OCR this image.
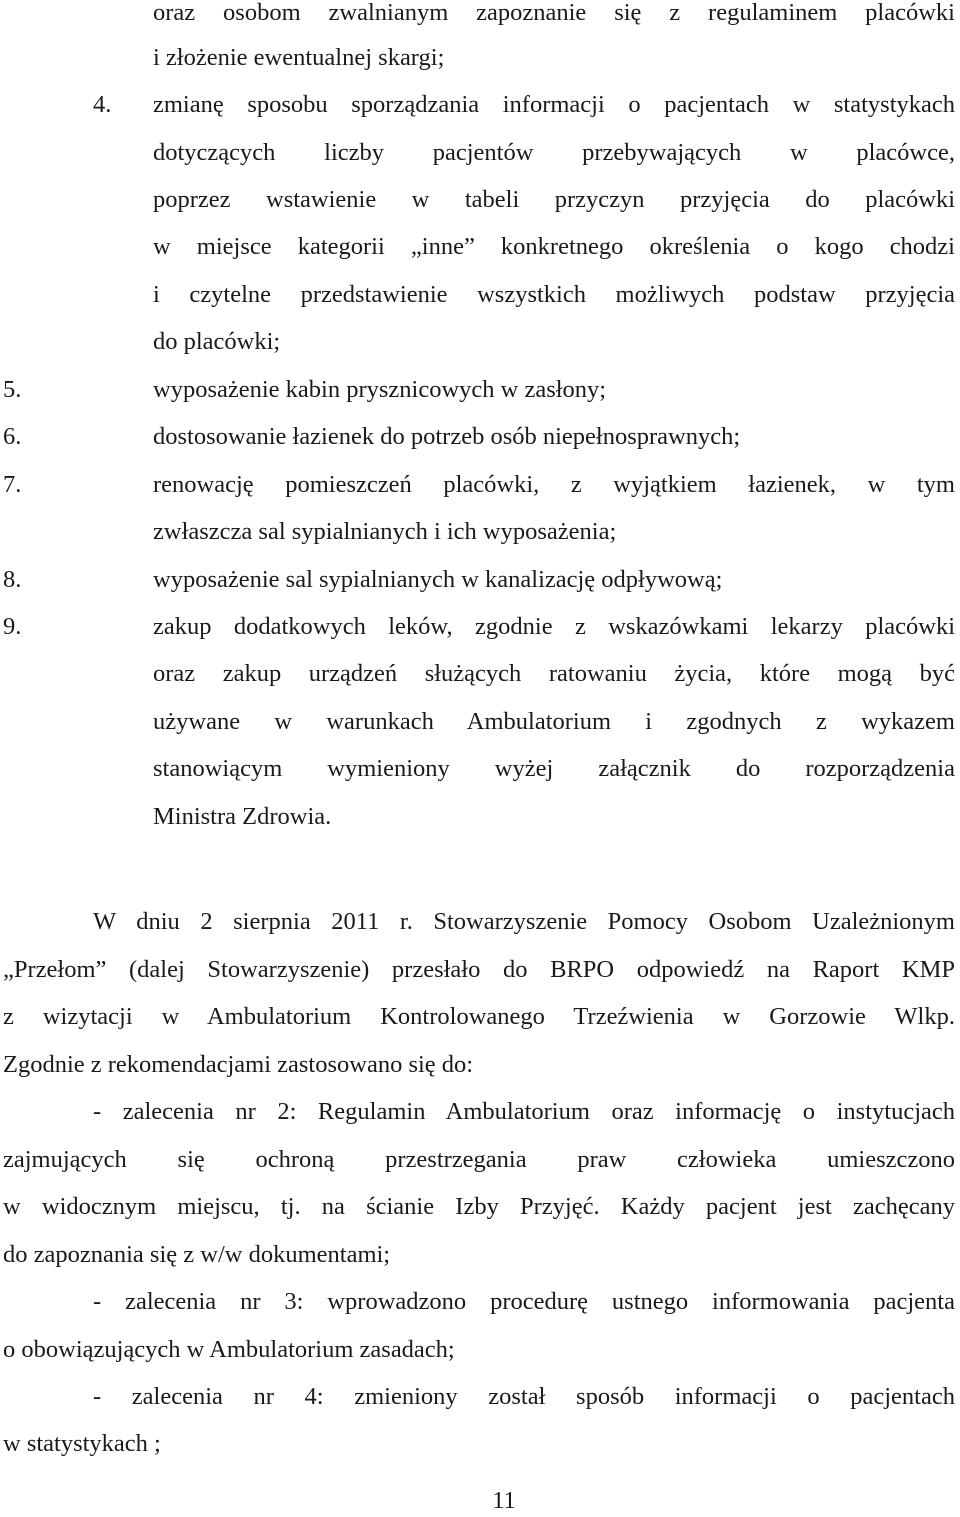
oraz osobom zwalnianym zapoznanie się z regulaminem placówki
i złożenie ewentualnej skargi;
4. zmianę sposobu sporządzania informacji o pacjentach w statystykach
dotyczących liczby pacjentów przebywających w placówce,
poprzez wstawienie w tabeli przyczyn przyjęcia do placówki
w miejsce kategorii „inne” konkretnego określenia o kogo chodzi
i czytelne przedstawienie wszystkich możliwych podstaw przyjęcia
do placówki;
5.	wyposażenie kabin prysznicowych w zasłony;
6.	dostosowanie łazienek do potrzeb osób niepełnosprawnych;
7.	renowację pomieszczeń placówki, z wyjątkiem łazienek, w tym
zwłaszcza sal sypialnianych i ich wyposażenia;
8.	wyposażenie sal sypialnianych w kanalizację odpływową;
9.	zakup dodatkowych leków, zgodnie z wskazówkami lekarzy placówki
oraz zakup urządzeń służących ratowaniu życia, które mogą być
używane w warunkach Ambulatorium i zgodnych z wykazem
stanowiącym wymieniony wyżej załącznik do rozporządzenia
Ministra Zdrowia.
W dniu 2 sierpnia 2011 r. Stowarzyszenie Pomocy Osobom Uzależnionym
„Przełom” (dalej Stowarzyszenie) przesłało do BRPO odpowiedź na Raport KMP
z wizytacji w Ambulatorium Kontrolowanego Trzeźwienia w Gorzowie Wlkp.
Zgodnie z rekomendacjami zastosowano się do:
- zalecenia nr 2: Regulamin Ambulatorium oraz informację o instytucjach
zajmujących się ochroną przestrzegania praw człowieka umieszczono
w widocznym miejscu, tj. na ścianie Izby Przyjęć. Każdy pacjent jest zachęcany
do zapoznania się z w/w dokumentami;
- zalecenia nr 3: wprowadzono procedurę ustnego informowania pacjenta
o obowiązujących w Ambulatorium zasadach;
- zalecenia nr 4: zmieniony został sposób informacji o pacjentach
w statystykach ;
11
